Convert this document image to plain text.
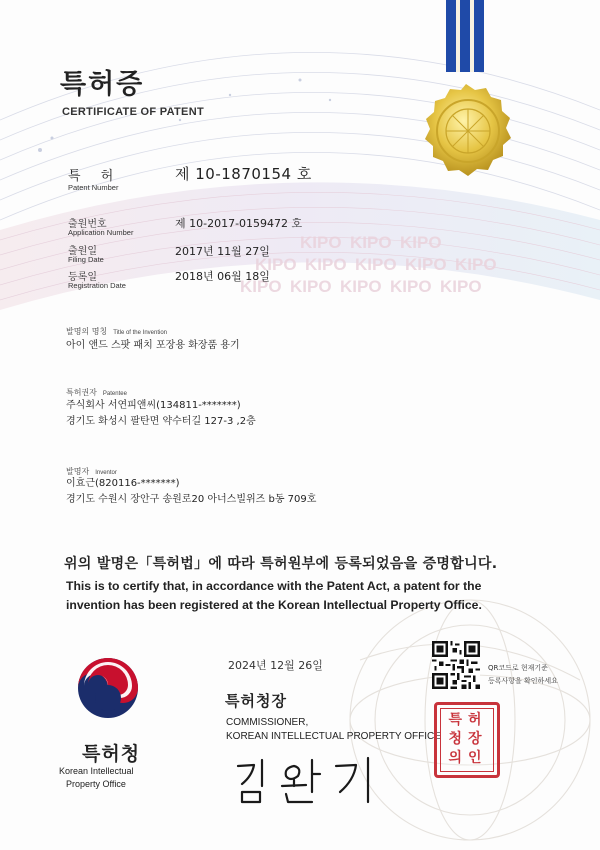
KIPO KIPO KIPO
KIPO KIPO KIPO KIPO KIPO
KIPO KIPO KIPO KIPO KIPO
특허증
CERTIFICATE OF PATENT
특 허
Patent Number
제 10-1870154 호
출원번호
Application Number
제 10-2017-0159472 호
출원일
Filing Date
2017년 11월 27일
등록일
Registration Date
2018년 06월 18일
발명의 명칭 Title of the Invention
아이 앤드 스팟 패치 포장용 화장품 용기
특허권자 Patentee
주식회사 서연피앤씨(134811-*******)
경기도 화성시 팔탄면 약수터길 127-3 ,2층
발명자 Inventor
이효근(820116-*******)
경기도 수원시 장안구 송원로20 아너스빌위즈 b동 709호
위의 발명은「특허법」에 따라 특허원부에 등록되었음을 증명합니다.
This is to certify that, in accordance with the Patent Act, a patent for the
invention has been registered at the Korean Intellectual Property Office.
특허청
Korean Intellectual
Property Office
2024년 12월 26일
특허청장
COMMISSIONER,
KOREAN INTELLECTUAL PROPERTY OFFICE
특허청장의인
QR코드로 현재기준
등록사항을 확인하세요
